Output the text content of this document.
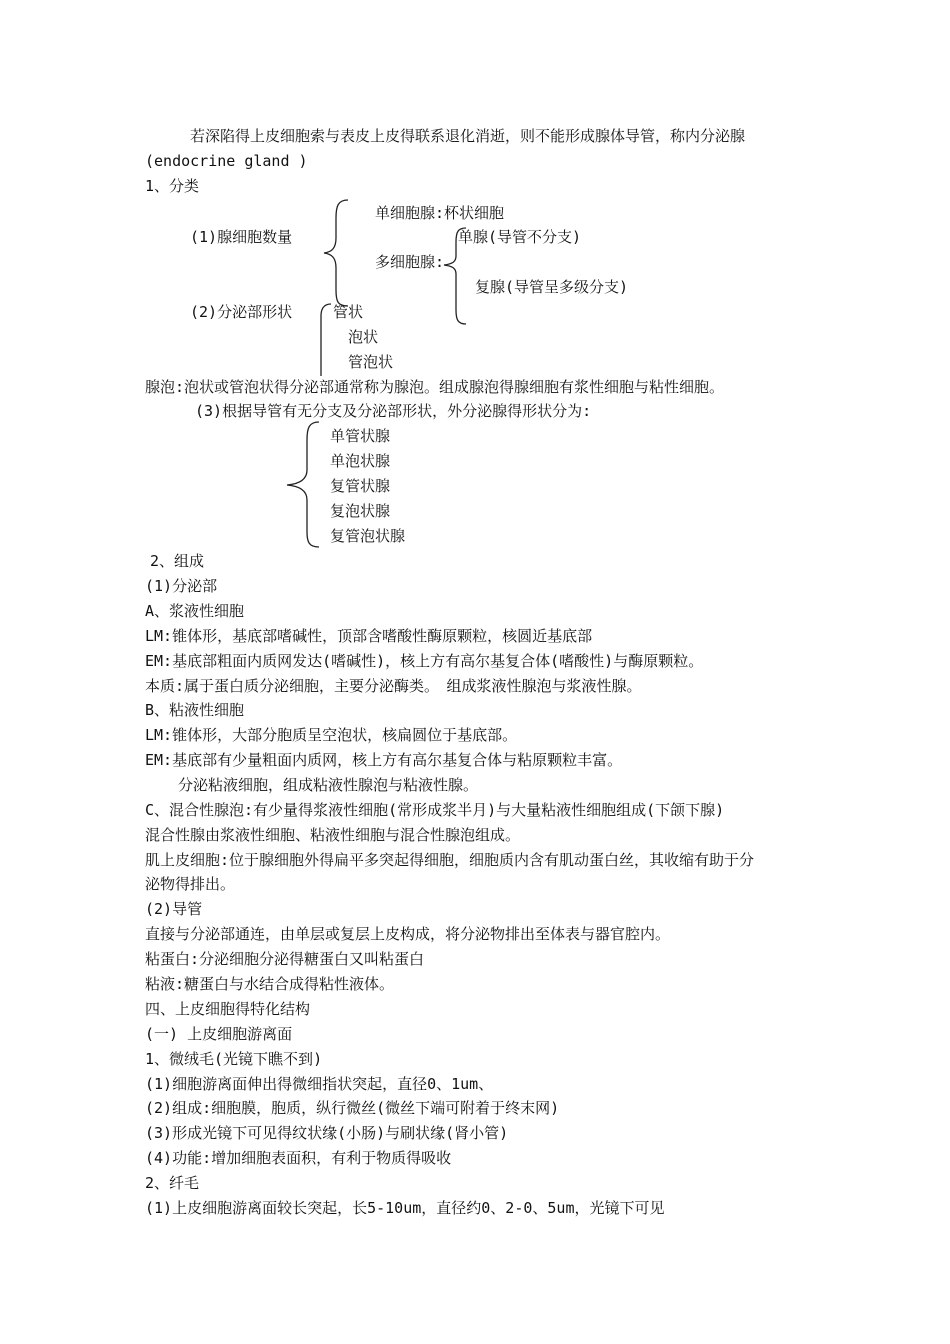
若深陷得上皮细胞索与表皮上皮得联系退化消逝，则不能形成腺体导管，称内分泌腺
(endocrine gland )
1、分类
(1)腺细胞数量
单细胞腺:杯状细胞
单腺(导管不分支)
多细胞腺:
复腺(导管呈多级分支)
(2)分泌部形状	管状
泡状
管泡状
腺泡:泡状或管泡状得分泌部通常称为腺泡。组成腺泡得腺细胞有浆性细胞与粘性细胞。
(3)根据导管有无分支及分泌部形状，外分泌腺得形状分为:
单管状腺
单泡状腺
复管状腺
复泡状腺
复管泡状腺
2、组成
(1)分泌部
A、浆液性细胞
LM:锥体形，基底部嗜碱性，顶部含嗜酸性酶原颗粒，核圆近基底部
EM:基底部粗面内质网发达(嗜碱性)，核上方有高尔基复合体(嗜酸性)与酶原颗粒。
本质:属于蛋白质分泌细胞，主要分泌酶类。　组成浆液性腺泡与浆液性腺。
B、粘液性细胞
LM:锥体形，大部分胞质呈空泡状，核扁圆位于基底部。
EM:基底部有少量粗面内质网，核上方有高尔基复合体与粘原颗粒丰富。
分泌粘液细胞，组成粘液性腺泡与粘液性腺。
C、混合性腺泡:有少量得浆液性细胞(常形成浆半月)与大量粘液性细胞组成(下颌下腺)
混合性腺由浆液性细胞、粘液性细胞与混合性腺泡组成。
肌上皮细胞:位于腺细胞外得扁平多突起得细胞，细胞质内含有肌动蛋白丝，其收缩有助于分
泌物得排出。
(2)导管
直接与分泌部通连，由单层或复层上皮构成，将分泌物排出至体表与器官腔内。
粘蛋白:分泌细胞分泌得糖蛋白又叫粘蛋白
粘液:糖蛋白与水结合成得粘性液体。
四、上皮细胞得特化结构
(一) 上皮细胞游离面
1、微绒毛(光镜下瞧不到)
(1)细胞游离面伸出得微细指状突起，直径0、1um、
(2)组成:细胞膜，胞质，纵行微丝(微丝下端可附着于终末网)
(3)形成光镜下可见得纹状缘(小肠)与刷状缘(肾小管)
(4)功能:增加细胞表面积，有利于物质得吸收
2、纤毛
(1)上皮细胞游离面较长突起，长5-10um，直径约0、2-0、5um，光镜下可见
